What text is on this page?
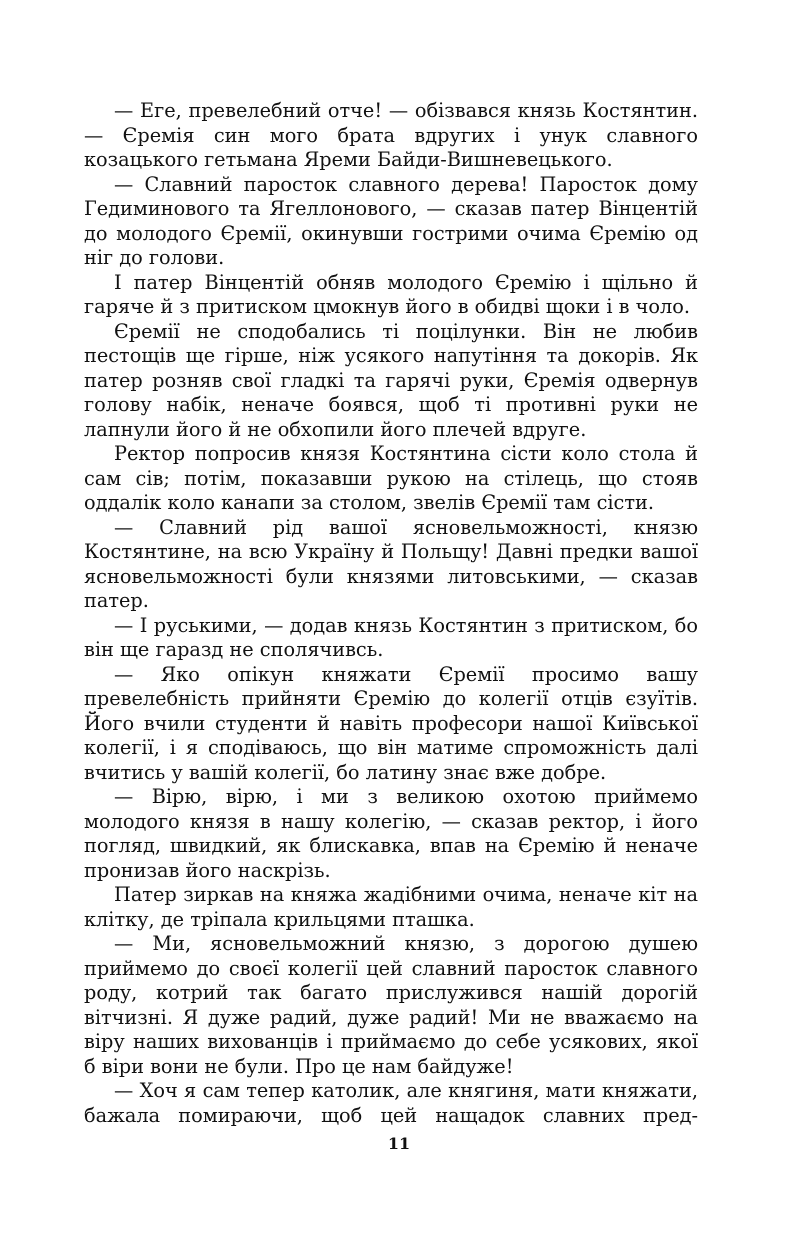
— Еге, превелебний отче! — обізвався князь Костянтин. — Єремія син мого брата вдругих і унук славного козацького гетьмана Яреми Байди-Вишневецького.

— Славний паросток славного дерева! Паросток дому Гедиминового та Ягеллонового, — сказав патер Вінцентій до молодого Єремії, окинувши гострими очима Єремію од ніг до голови.

І патер Вінцентій обняв молодого Єремію і щільно й гаряче й з притиском цмокнув його в обидві щоки і в чоло.

Єремії не сподобались ті поцілунки. Він не любив пестощів ще гірше, ніж усякого напутіння та докорів. Як патер розняв свої гладкі та гарячі руки, Єремія одвернув голову набік, неначе боявся, щоб ті противні руки не лапнули його й не обхопили його плечей вдруге.

Ректор попросив князя Костянтина сісти коло стола й сам сів; потім, показавши рукою на стілець, що стояв оддалік коло канапи за столом, звелів Єремії там сісти.

— Славний рід вашої ясновельможності, князю Костянтине, на всю Україну й Польщу! Давні предки вашої ясновельможності були князями литовськими, — сказав патер.

— І руськими, — додав князь Костянтин з притиском, бо він ще гаразд не сполячивсь.

— Яко опікун княжати Єремії просимо вашу превелебність прийняти Єремію до колегії отців єзуїтів. Його вчили студенти й навіть професори нашої Київської колегії, і я сподіваюсь, що він матиме спроможність далі вчитись у вашій колегії, бо латину знає вже добре.

— Вірю, вірю, і ми з великою охотою приймемо молодого князя в нашу колегію, — сказав ректор, і його погляд, швидкий, як блискавка, впав на Єремію й неначе пронизав його наскрізь.

Патер зиркав на княжа жадібними очима, неначе кіт на клітку, де тріпала крильцями пташка.

— Ми, ясновельможний князю, з дорогою душею приймемо до своєї колегії цей славний паросток славного роду, котрий так багато прислужився нашій дорогій вітчизні. Я дуже радий, дуже радий! Ми не вважаємо на віру наших вихованців і приймаємо до себе усякових, якої б віри вони не були. Про це нам байдуже!

— Хоч я сам тепер католик, але княгиня, мати княжати, бажала помираючи, щоб цей нащадок славних пред-

11
